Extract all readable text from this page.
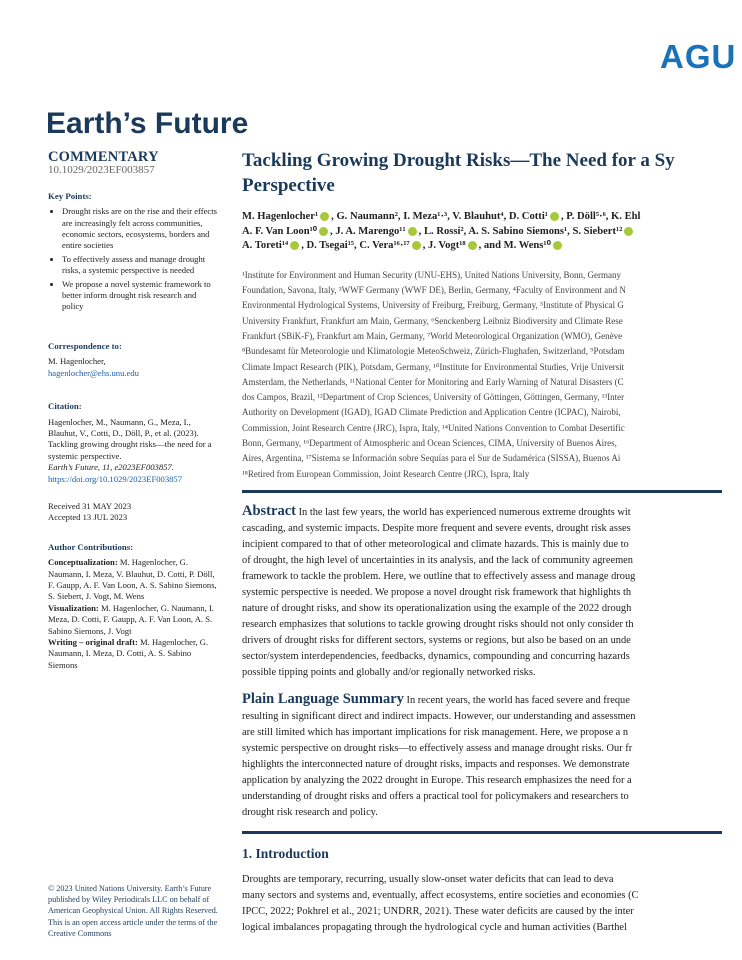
AGU
Earth’s Future
COMMENTARY
10.1029/2023EF003857
Key Points:
• Drought risks are on the rise and their effects are increasingly felt across communities, economic sectors, ecosystems, borders and entire societies
• To effectively assess and manage drought risks, a systemic perspective is needed
• We propose a novel systemic framework to better inform drought risk research and policy
Correspondence to:
M. Hagenlocher,
hagenlocher@ehs.unu.edu
Citation:
Hagenlocher, M., Naumann, G., Meza, I., Blauhut, V., Cotti, D., Döll, P., et al. (2023). Tackling growing drought risks—the need for a systemic perspective.
Earth’s Future, 11, e2023EF003857.
https://doi.org/10.1029/2023EF003857
Received 31 MAY 2023
Accepted 13 JUL 2023
Author Contributions:
Conceptualization: M. Hagenlocher, G. Naumann, I. Meza, V. Blauhut, D. Cotti, P. Döll, F. Gaupp, A. F. Van Loon, A. S. Sabino Siemons, S. Siebert, J. Vogt, M. Wens
Visualization: M. Hagenlocher, G. Naumann, I. Meza, D. Cotti, F. Gaupp, A. F. Van Loon, A. S. Sabino Siemons, J. Vogt
Writing – original draft: M. Hagenlocher, G. Naumann, I. Meza, D. Cotti, A. S. Sabino Siemons
© 2023 United Nations University. Earth’s Future published by Wiley Periodicals LLC on behalf of American Geophysical Union. All Rights Reserved. This is an open access article under the terms of the Creative Commons
Tackling Growing Drought Risks—The Need for a Sy
Perspective
M. Hagenlocher¹ , G. Naumann², I. Meza¹·³, V. Blauhut⁴, D. Cotti¹ , P. Döll⁵·⁶, K. Ehl
A. F. Van Loon¹⁰ , J. A. Marengo¹¹ , L. Rossi², A. S. Sabino Siemons¹, S. Siebert¹²
A. Toreti¹⁴ , D. Tsegai¹⁵, C. Vera¹⁶·¹⁷ , J. Vogt¹⁸ , and M. Wens¹⁰
¹Institute for Environment and Human Security (UNU-EHS), United Nations University, Bonn, Germany
Foundation, Savona, Italy, ³WWF Germany (WWF DE), Berlin, Germany, ⁴Faculty of Environment and N
Environmental Hydrological Systems, University of Freiburg, Freiburg, Germany, ⁵Institute of Physical G
University Frankfurt, Frankfurt am Main, Germany, ⁶Senckenberg Leibniz Biodiversity and Climate Rese
Frankfurt (SBiK-F), Frankfurt am Main, Germany, ⁷World Meteorological Organization (WMO), Genève
⁸Bundesamt für Meteorologie und Klimatologie MeteoSchweiz, Zürich-Flughafen, Switzerland, ⁹Potsdam
Climate Impact Research (PIK), Potsdam, Germany, ¹⁰Institute for Environmental Studies, Vrije Universit
Amsterdam, the Netherlands, ¹¹National Center for Monitoring and Early Warning of Natural Disasters (C
dos Campos, Brazil, ¹²Department of Crop Sciences, University of Göttingen, Göttingen, Germany, ¹³Inter
Authority on Development (IGAD), IGAD Climate Prediction and Application Centre (ICPAC), Nairobi,
Commission, Joint Research Centre (JRC), Ispra, Italy, ¹⁴United Nations Convention to Combat Desertific
Bonn, Germany, ¹⁶Department of Atmospheric and Ocean Sciences, CIMA, University of Buenos Aires,
Aires, Argentina, ¹⁷Sistema se Información sobre Sequías para el Sur de Sudamérica (SISSA), Buenos Ai
¹⁸Retired from European Commission, Joint Research Centre (JRC), Ispra, Italy
Abstract In the last few years, the world has experienced numerous extreme droughts wit
cascading, and systemic impacts. Despite more frequent and severe events, drought risk asses
incipient compared to that of other meteorological and climate hazards. This is mainly due to
of drought, the high level of uncertainties in its analysis, and the lack of community agreemen
framework to tackle the problem. Here, we outline that to effectively assess and manage droug
systemic perspective is needed. We propose a novel drought risk framework that highlights th
nature of drought risks, and show its operationalization using the example of the 2022 drough
research emphasizes that solutions to tackle growing drought risks should not only consider th
drivers of drought risks for different sectors, systems or regions, but also be based on an unde
sector/system interdependencies, feedbacks, dynamics, compounding and concurring hazards
possible tipping points and globally and/or regionally networked risks.
Plain Language Summary In recent years, the world has faced severe and freque
resulting in significant direct and indirect impacts. However, our understanding and assessmen
are still limited which has important implications for risk management. Here, we propose a n
systemic perspective on drought risks—to effectively assess and manage drought risks. Our fr
highlights the interconnected nature of drought risks, impacts and responses. We demonstrate
application by analyzing the 2022 drought in Europe. This research emphasizes the need for a
understanding of drought risks and offers a practical tool for policymakers and researchers to
drought risk research and policy.
1. Introduction
Droughts are temporary, recurring, usually slow-onset water deficits that can lead to deva
many sectors and systems and, eventually, affect ecosystems, entire societies and economies (C
IPCC, 2022; Pokhrel et al., 2021; UNDRR, 2021). These water deficits are caused by the inter
logical imbalances propagating through the hydrological cycle and human activities (Barthel
